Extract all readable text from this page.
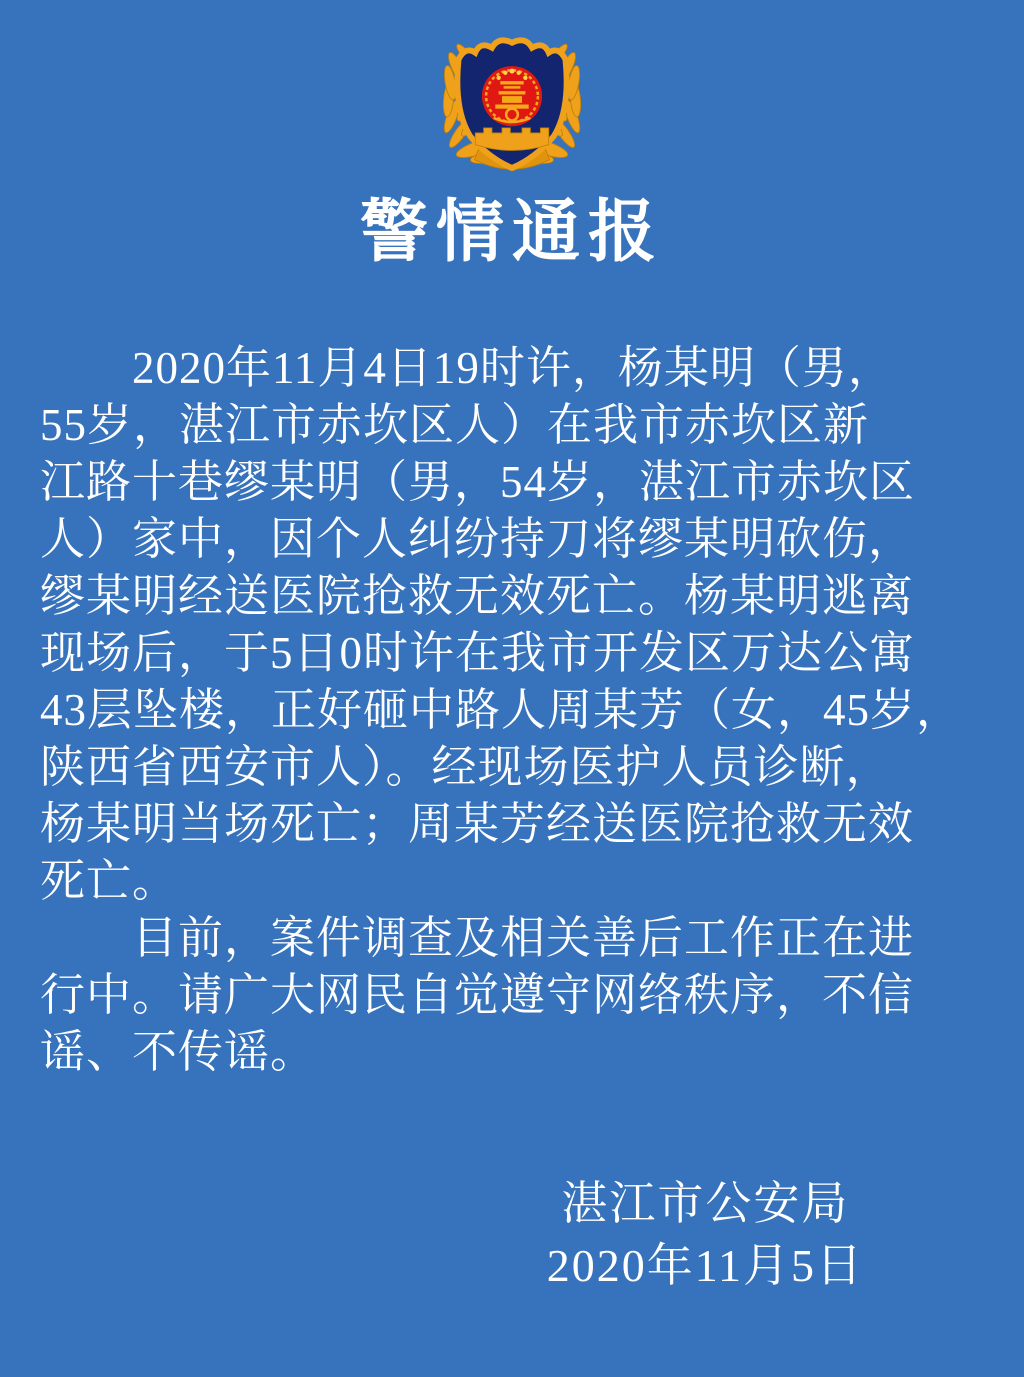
警情通报
　　2020年11月4日19时许，杨某明（男，
55岁，湛江市赤坎区人）在我市赤坎区新
江路十巷缪某明（男，54岁，湛江市赤坎区
人）家中，因个人纠纷持刀将缪某明砍伤，
缪某明经送医院抢救无效死亡。杨某明逃离
现场后，于5日0时许在我市开发区万达公寓
43层坠楼，正好砸中路人周某芳（女，45岁，
陕西省西安市人）。经现场医护人员诊断，
杨某明当场死亡；周某芳经送医院抢救无效
死亡。
　　目前，案件调查及相关善后工作正在进
行中。请广大网民自觉遵守网络秩序，不信
谣、不传谣。
湛江市公安局
2020年11月5日
